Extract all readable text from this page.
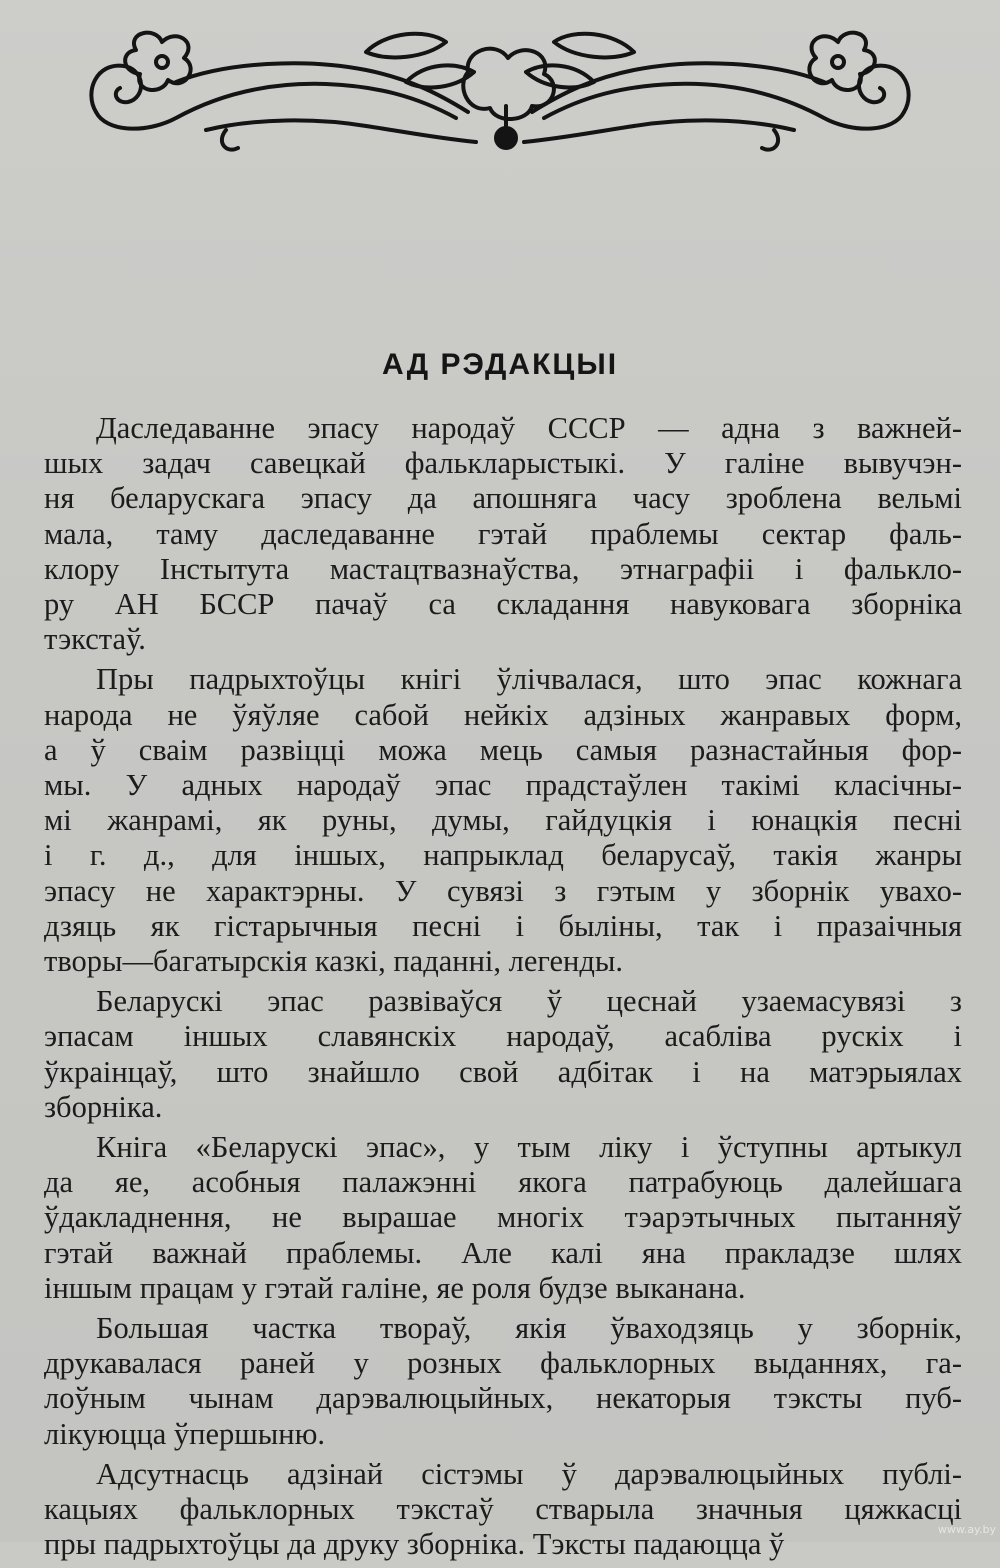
АД РЭДАКЦЫІ
Даследаванне эпасу народаў СССР — адна з важней-
шых задач савецкай фалькларыстыкі. У галіне вывучэн-
ня беларускага эпасу да апошняга часу зроблена вельмі
мала, таму даследаванне гэтай праблемы сектар фаль-
клору Інстытута мастацтвазнаўства, этнаграфіі і фальклo-
ру АН БССР пачаў са складання навуковага зборніка
тэкстаў.
Пры падрыхтоўцы кнігі ўлічвалася, што эпас кожнага
народа не ўяўляе сабой нейкіх адзіных жанравых форм,
а ў сваім развіцці можа мець самыя разнастайныя фор-
мы. У адных народаў эпас прадстаўлен такімі класічны-
мі жанрамі, як руны, думы, гайдуцкія і юнацкія песні
і г. д., для іншых, напрыклад беларусаў, такія жанры
эпасу не характэрны. У сувязі з гэтым у зборнік увахо-
дзяць як гістарычныя песні і быліны, так і празаічныя
творы—багатырскія казкі, паданні, легенды.
Беларускі эпас развіваўся ў цеснай узаемасувязі з
эпасам іншых славянскіх народаў, асабліва рускіх і
ўкраінцаў, што знайшло свой адбітак і на матэрыялах
зборніка.
Кніга «Беларускі эпас», у тым ліку і ўступны артыкул
да яе, асобныя палажэнні якога патрабуюць далейшага
ўдакладнення, не вырашае многіх тэарэтычных пытанняў
гэтай важнай праблемы. Але калі яна пракладзе шлях
іншым працам у гэтай галіне, яе роля будзе выканана.
Большая частка твораў, якія ўваходзяць у зборнік,
друкавалася раней у розных фальклорных выданнях, га-
лоўным чынам дарэвалюцыйных, некаторыя тэксты пуб-
лікуюцца ўпершыню.
Адсутнасць адзінай сістэмы ў дарэвалюцыйных публі-
кацыях фальклорных тэкстаў стварыла значныя цяжкасці
пры падрыхтоўцы да друку зборніка. Тэксты падаюцца ў	www.ay.by
